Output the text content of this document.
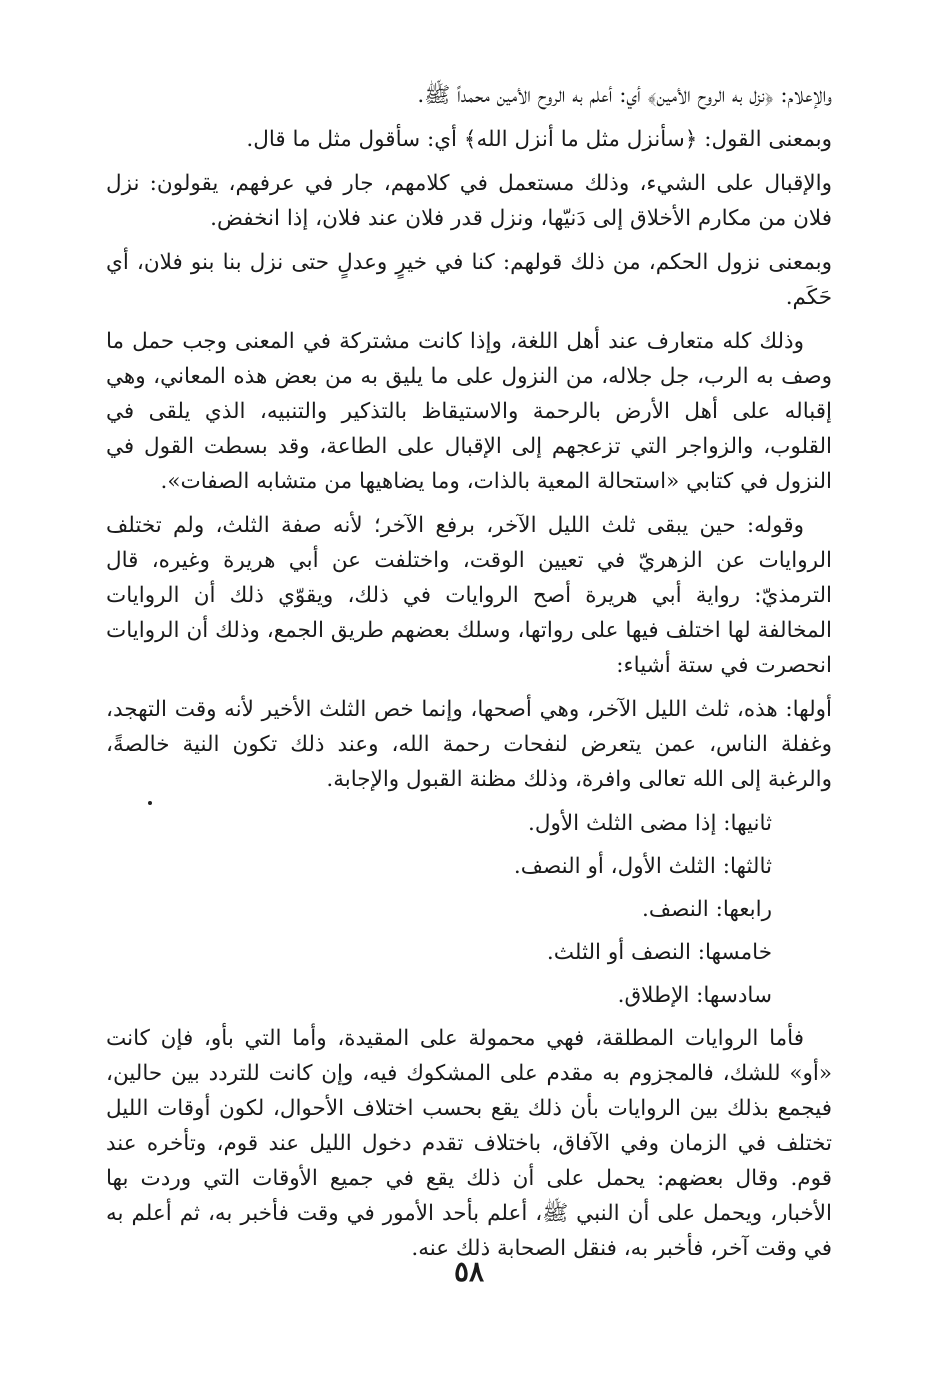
والإعلام: ﴿نزل به الروح الأمين﴾ أي: أعلم به الروح الأمين محمداً ﷺ.

وبمعنى القول: ﴿سأنزل مثل ما أنزل الله﴾ أي: سأقول مثل ما قال.

والإقبال على الشيء، وذلك مستعمل في كلامهم، جار في عرفهم، يقولون: نزل فلان من مكارم الأخلاق إلى دَنيّها، ونزل قدر فلان عند فلان، إذا انخفض.

وبمعنى نزول الحكم، من ذلك قولهم: كنا في خيرٍ وعدلٍ حتى نزل بنا بنو فلان، أي حَكَم.

وذلك كله متعارف عند أهل اللغة، وإذا كانت مشتركة في المعنى وجب حمل ما وصف به الرب، جل جلاله، من النزول على ما يليق به من بعض هذه المعاني، وهي إقباله على أهل الأرض بالرحمة والاستيقاظ بالتذكير والتنبيه، الذي يلقى في القلوب، والزواجر التي تزعجهم إلى الإقبال على الطاعة، وقد بسطت القول في النزول في كتابي «استحالة المعية بالذات، وما يضاهيها من متشابه الصفات».

وقوله: حين يبقى ثلث الليل الآخر، برفع الآخر؛ لأنه صفة الثلث، ولم تختلف الروايات عن الزهريّ في تعيين الوقت، واختلفت عن أبي هريرة وغيره، قال الترمذيّ: رواية أبي هريرة أصح الروايات في ذلك، ويقوّي ذلك أن الروايات المخالفة لها اختلف فيها على رواتها، وسلك بعضهم طريق الجمع، وذلك أن الروايات انحصرت في ستة أشياء:

أولها: هذه، ثلث الليل الآخر، وهي أصحها، وإنما خص الثلث الأخير لأنه وقت التهجد، وغفلة الناس، عمن يتعرض لنفحات رحمة الله، وعند ذلك تكون النية خالصةً، والرغبة إلى الله تعالى وافرة، وذلك مظنة القبول والإجابة.

ثانيها: إذا مضى الثلث الأول.

ثالثها: الثلث الأول، أو النصف.

رابعها: النصف.

خامسها: النصف أو الثلث.

سادسها: الإطلاق.

فأما الروايات المطلقة، فهي محمولة على المقيدة، وأما التي بأو، فإن كانت «أو» للشك، فالمجزوم به مقدم على المشكوك فيه، وإن كانت للتردد بين حالين، فيجمع بذلك بين الروايات بأن ذلك يقع بحسب اختلاف الأحوال، لكون أوقات الليل تختلف في الزمان وفي الآفاق، باختلاف تقدم دخول الليل عند قوم، وتأخره عند قوم. وقال بعضهم: يحمل على أن ذلك يقع في جميع الأوقات التي وردت بها الأخبار، ويحمل على أن النبي ﷺ، أعلم بأحد الأمور في وقت فأخبر به، ثم أعلم به في وقت آخر، فأخبر به، فنقل الصحابة ذلك عنه.

٥٨
